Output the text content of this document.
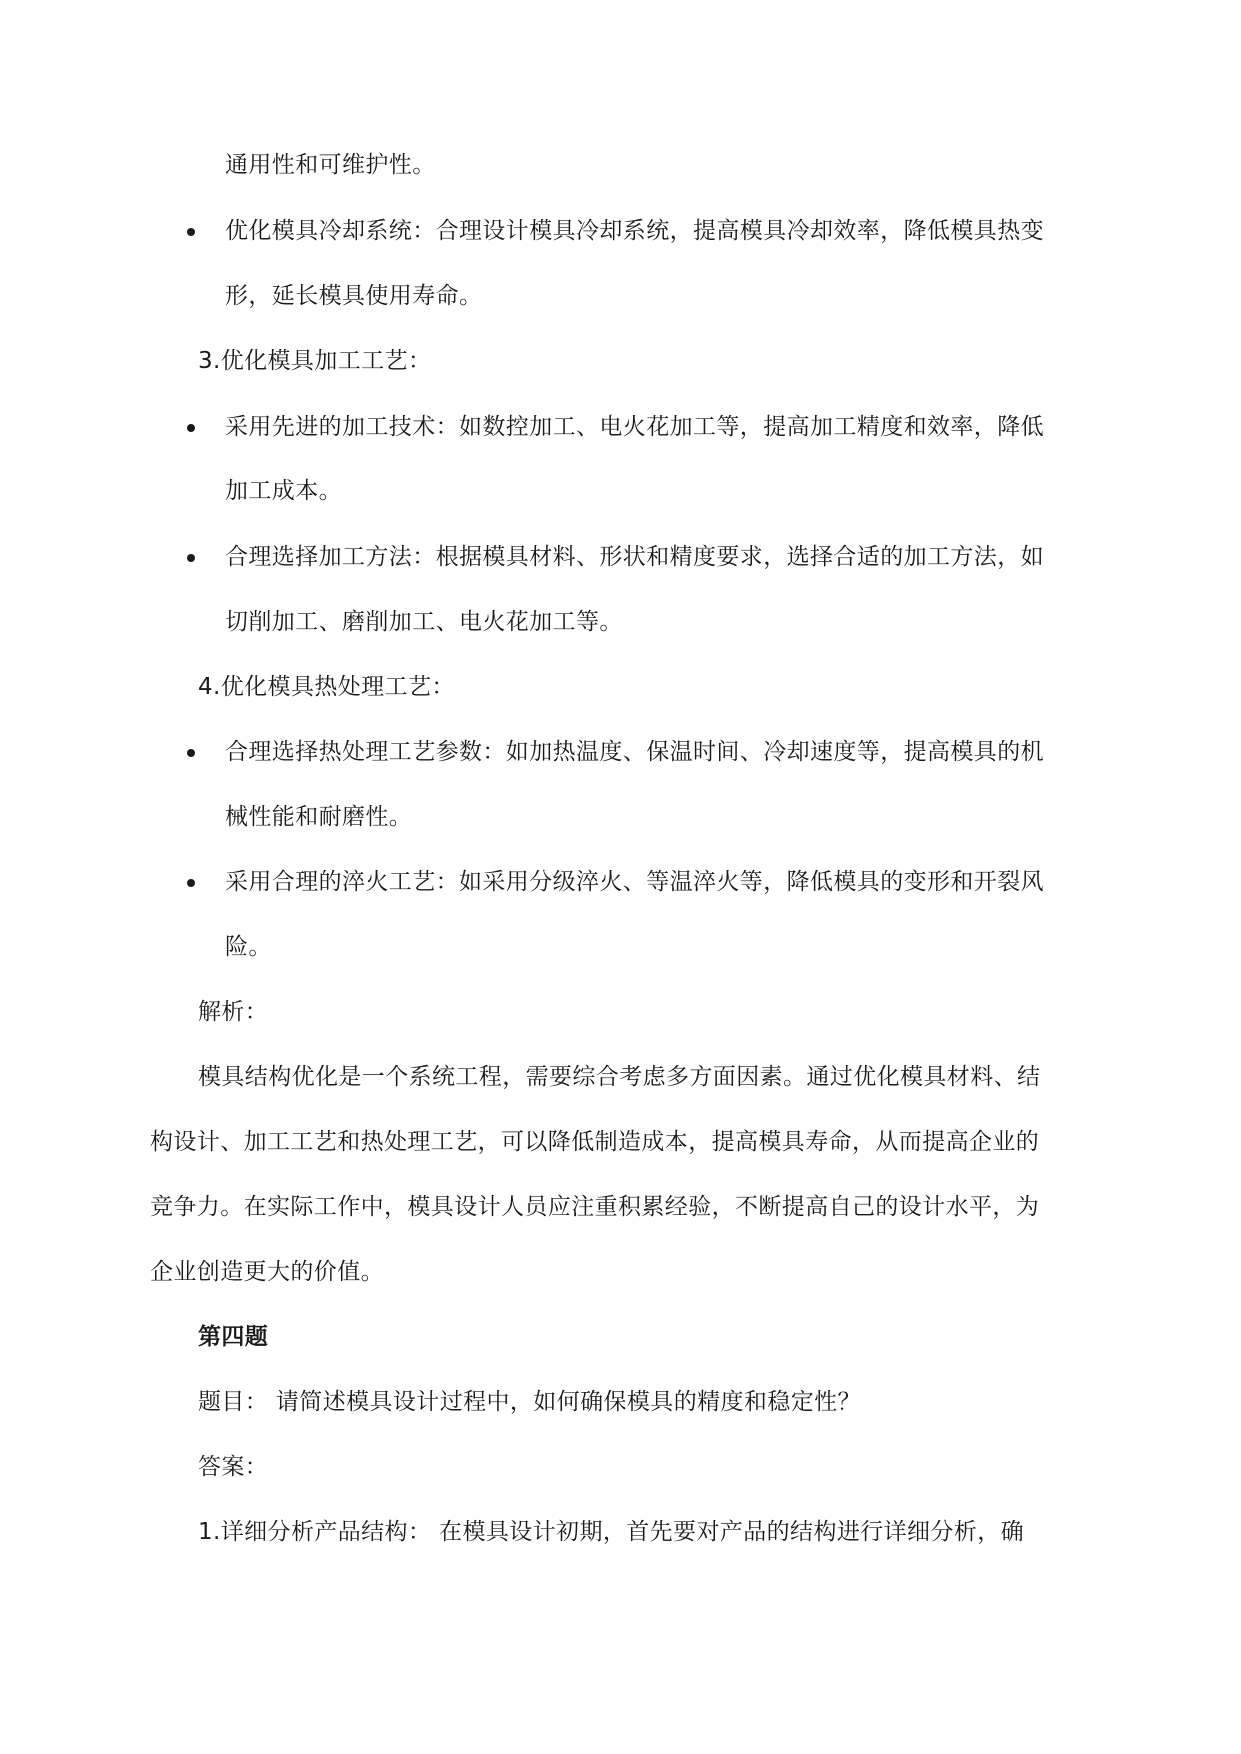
通用性和可维护性。
优化模具冷却系统：合理设计模具冷却系统，提高模具冷却效率，降低模具热变
形，延长模具使用寿命。
3.优化模具加工工艺：
采用先进的加工技术：如数控加工、电火花加工等，提高加工精度和效率，降低
加工成本。
合理选择加工方法：根据模具材料、形状和精度要求，选择合适的加工方法，如
切削加工、磨削加工、电火花加工等。
4.优化模具热处理工艺：
合理选择热处理工艺参数：如加热温度、保温时间、冷却速度等，提高模具的机
械性能和耐磨性。
采用合理的淬火工艺：如采用分级淬火、等温淬火等，降低模具的变形和开裂风
险。
解析：
模具结构优化是一个系统工程，需要综合考虑多方面因素。通过优化模具材料、结
构设计、加工工艺和热处理工艺，可以降低制造成本，提高模具寿命，从而提高企业的
竞争力。在实际工作中，模具设计人员应注重积累经验，不断提高自己的设计水平，为
企业创造更大的价值。
第四题
题目： 请简述模具设计过程中，如何确保模具的精度和稳定性？
答案：
1.详细分析产品结构： 在模具设计初期，首先要对产品的结构进行详细分析，确
